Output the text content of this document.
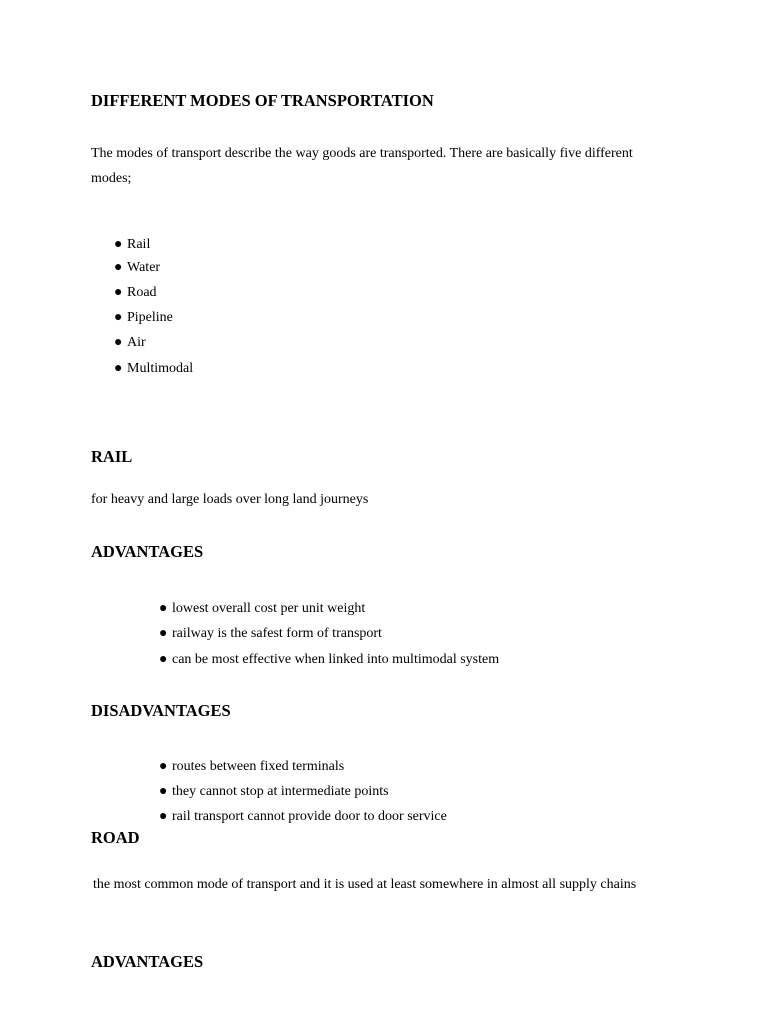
DIFFERENT MODES OF TRANSPORTATION
The modes of transport describe the way goods are transported. There are basically five different
modes;
● Rail
● Water
● Road
● Pipeline
● Air
● Multimodal
RAIL
for heavy and large loads over long land journeys
ADVANTAGES
● lowest overall cost per unit weight
● railway is the safest form of transport
● can be most effective when linked into multimodal system
DISADVANTAGES
● routes between fixed terminals
● they cannot stop at intermediate points
● rail transport cannot provide door to door service
ROAD
the most common mode of transport and it is used at least somewhere in almost all supply chains
ADVANTAGES
